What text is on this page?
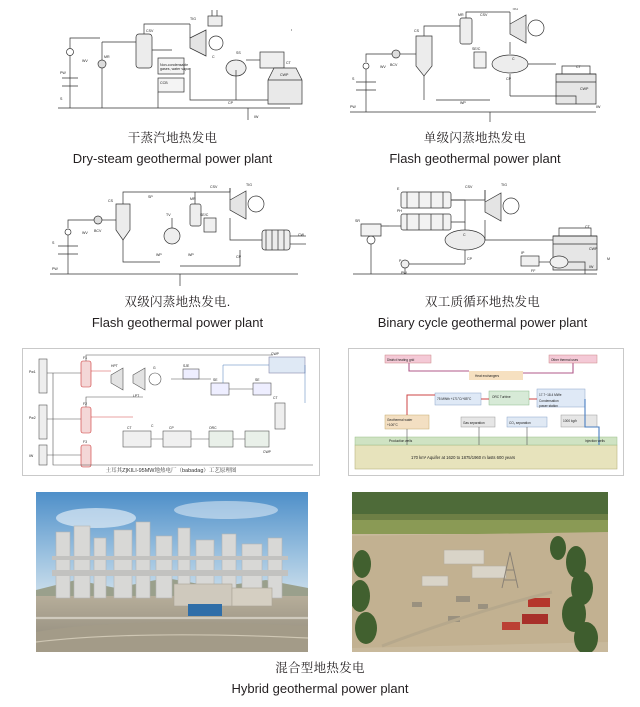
PW
WV
S
MR
CSV
TIG
SS
C
CP
CWP
CT
IW
Non-condensable
gases, water vapor
CCB
干蒸汽地热发电
Dry-steam geothermal power plant
S
WV
PW
BCV
CS
MR	CSV
TIG
SE/C
C
CP
WP
CT
CWP
IW
单级闪蒸地热发电
Flash geothermal power plant
S
WV
PW
BCV
CS
SP
TV
MR
CSV	TIG
SE/C
WP	WP	CP
CW
双级闪蒸地热发电.
Flash geothermal power plant
E
PH
SR
P
PW
CSV	TIG
C
CP
CT
CWP
IP
FF
IW
M
双工质循环地热发电
Binary cycle geothermal power plant
Pw1
Pw2
IW
F1
F2
F3
HPT
LPT
G	SJE
SE	SE
CWP
CT
CT	C	CP	ORC
CWP
土耳其Z]KILI-95MW地热电厂（babadag）工艺原理图
District heating grid	Other thermal uses
Heat exchangers
75 MWth +171°C/+85°C	ORC Turbine	17.7~18.4 MWe
Condensation
power station
Geothermal water
+100°C	Gas separation	CO₂ separation	1000 kg/h
Production wells	Injection wells
170 km² Aquifer at 1620 to 1875/1960 m lasts 600 years
混合型地热发电
Hybrid geothermal power plant
